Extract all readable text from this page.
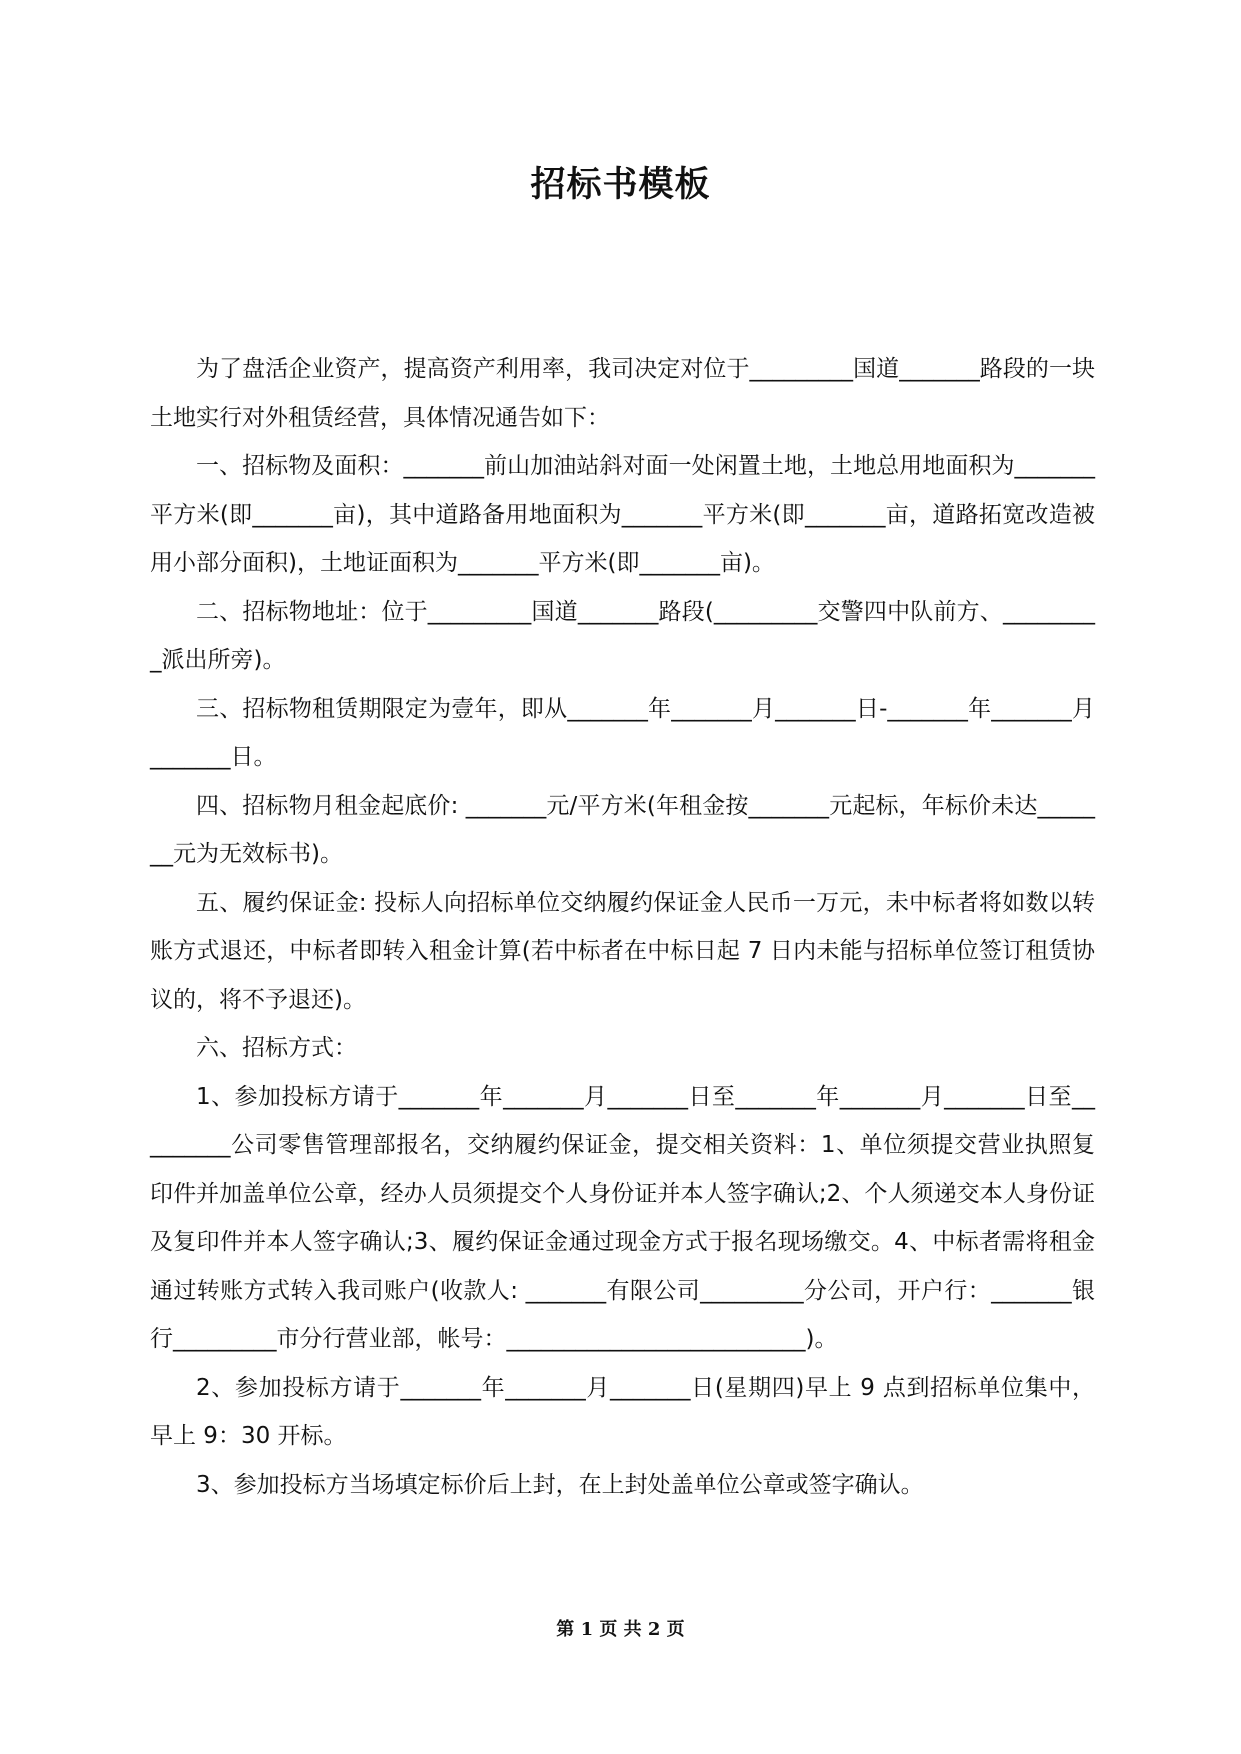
招标书模板

为了盘活企业资产，提高资产利用率，我司决定对位于_________国道_______路段的一块土地实行对外租赁经营，具体情况通告如下：

一、招标物及面积：_______前山加油站斜对面一处闲置土地，土地总用地面积为_______平方米(即_______亩)，其中道路备用地面积为_______平方米(即_______亩，道路拓宽改造被用小部分面积)，土地证面积为_______平方米(即_______亩)。

二、招标物地址：位于_________国道_______路段(_________交警四中队前方、_________派出所旁)。

三、招标物租赁期限定为壹年，即从_______年_______月_______日-_______年_______月_______日。

四、招标物月租金起底价: _______元/平方米(年租金按_______元起标，年标价未达_______元为无效标书)。

五、履约保证金: 投标人向招标单位交纳履约保证金人民币一万元，未中标者将如数以转账方式退还，中标者即转入租金计算(若中标者在中标日起 7 日内未能与招标单位签订租赁协议的，将不予退还)。

六、招标方式：

1、参加投标方请于_______年_______月_______日至_______年_______月_______日至_________公司零售管理部报名，交纳履约保证金，提交相关资料：1、单位须提交营业执照复印件并加盖单位公章，经办人员须提交个人身份证并本人签字确认;2、个人须递交本人身份证及复印件并本人签字确认;3、履约保证金通过现金方式于报名现场缴交。4、中标者需将租金通过转账方式转入我司账户(收款人: _______有限公司_________分公司，开户行：_______银行_________市分行营业部，帐号：__________________________)。

2、参加投标方请于_______年_______月_______日(星期四)早上 9 点到招标单位集中，早上 9：30 开标。

3、参加投标方当场填定标价后上封，在上封处盖单位公章或签字确认。

第 1 页 共 2 页
